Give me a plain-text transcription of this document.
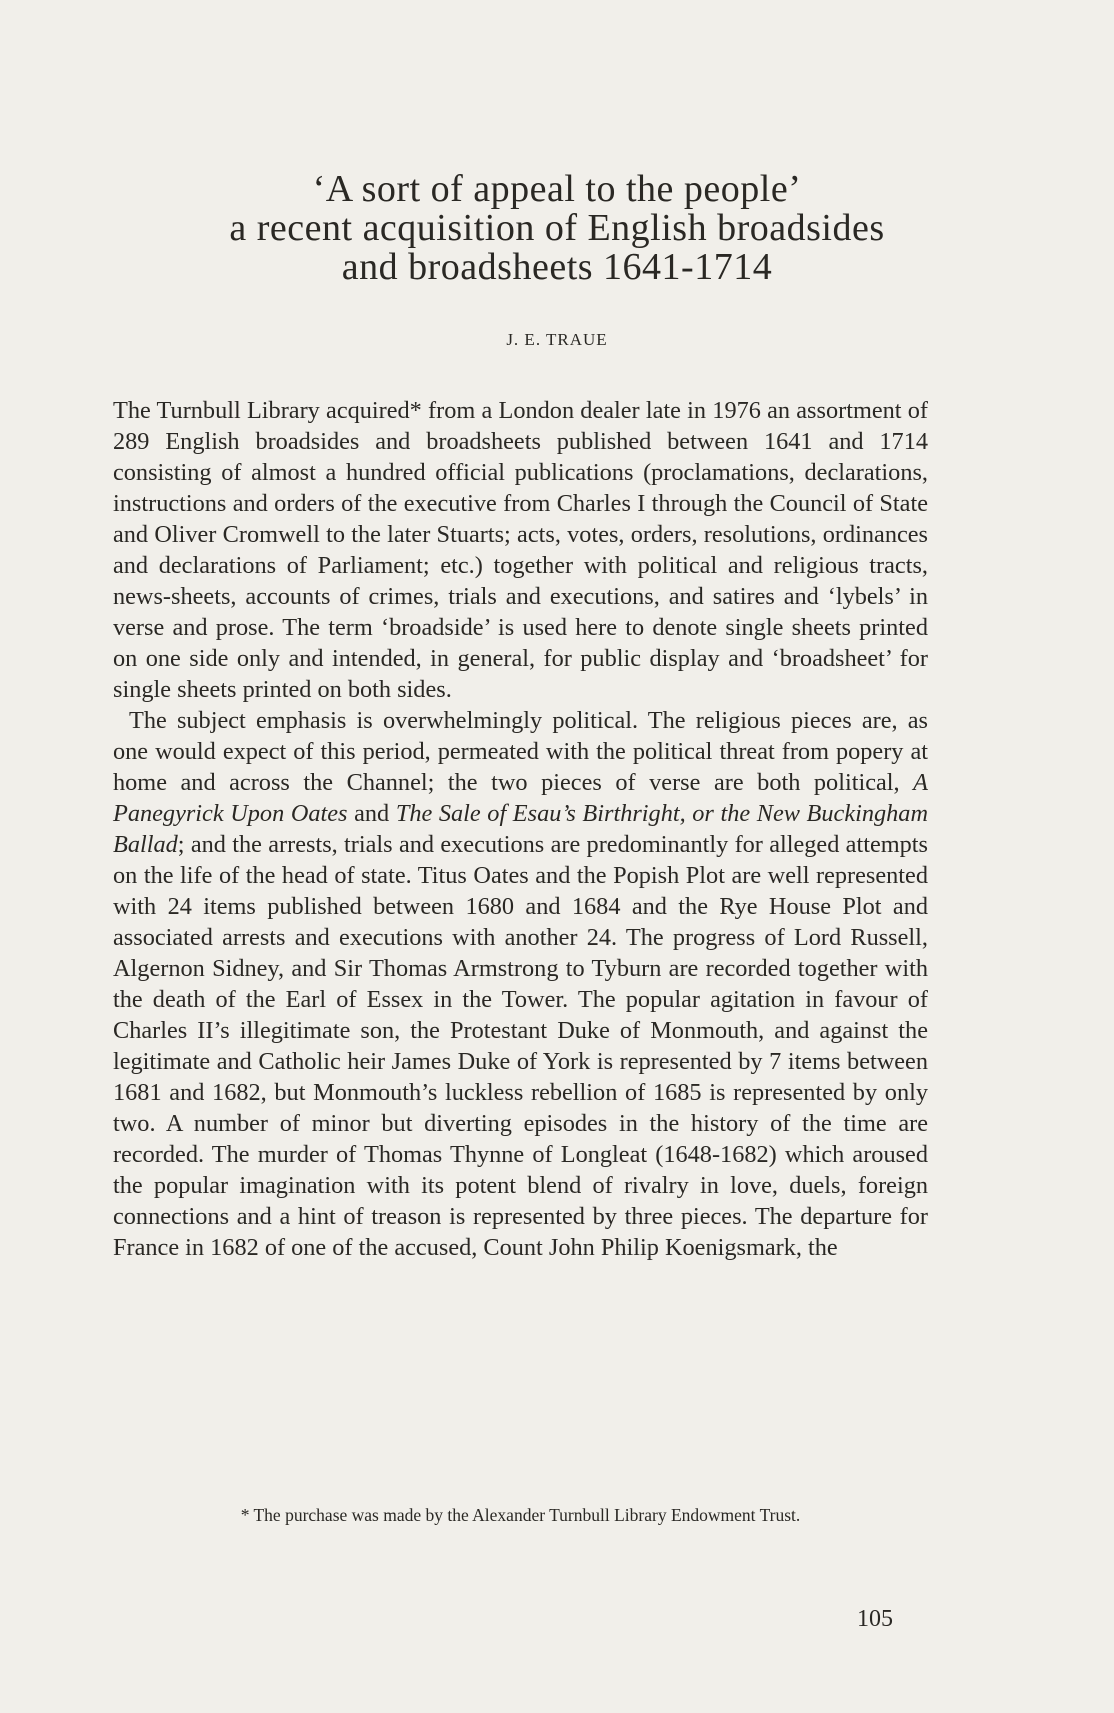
‘A sort of appeal to the people’
a recent acquisition of English broadsides
and broadsheets 1641-1714
J. E. TRAUE

The Turnbull Library acquired* from a London dealer late in 1976 an assortment of 289 English broadsides and broadsheets published between 1641 and 1714 consisting of almost a hundred official publications (proclamations, declarations, instructions and orders of the executive from Charles I through the Council of State and Oliver Cromwell to the later Stuarts; acts, votes, orders, resolutions, ordinances and declarations of Parliament; etc.) together with political and religious tracts, news-sheets, accounts of crimes, trials and executions, and satires and ‘lybels’ in verse and prose. The term ‘broadside’ is used here to denote single sheets printed on one side only and intended, in general, for public display and ‘broadsheet’ for single sheets printed on both sides.

The subject emphasis is overwhelmingly political. The religious pieces are, as one would expect of this period, permeated with the political threat from popery at home and across the Channel; the two pieces of verse are both political, A Panegyrick Upon Oates and The Sale of Esau’s Birthright, or the New Buckingham Ballad; and the arrests, trials and executions are predominantly for alleged attempts on the life of the head of state. Titus Oates and the Popish Plot are well represented with 24 items published between 1680 and 1684 and the Rye House Plot and associated arrests and executions with another 24. The progress of Lord Russell, Algernon Sidney, and Sir Thomas Armstrong to Tyburn are recorded together with the death of the Earl of Essex in the Tower. The popular agitation in favour of Charles II’s illegitimate son, the Protestant Duke of Monmouth, and against the legitimate and Catholic heir James Duke of York is represented by 7 items between 1681 and 1682, but Monmouth’s luckless rebellion of 1685 is represented by only two. A number of minor but diverting episodes in the history of the time are recorded. The murder of Thomas Thynne of Longleat (1648-1682) which aroused the popular imagination with its potent blend of rivalry in love, duels, foreign connections and a hint of treason is represented by three pieces. The departure for France in 1682 of one of the accused, Count John Philip Koenigsmark, the

* The purchase was made by the Alexander Turnbull Library Endowment Trust.
105
